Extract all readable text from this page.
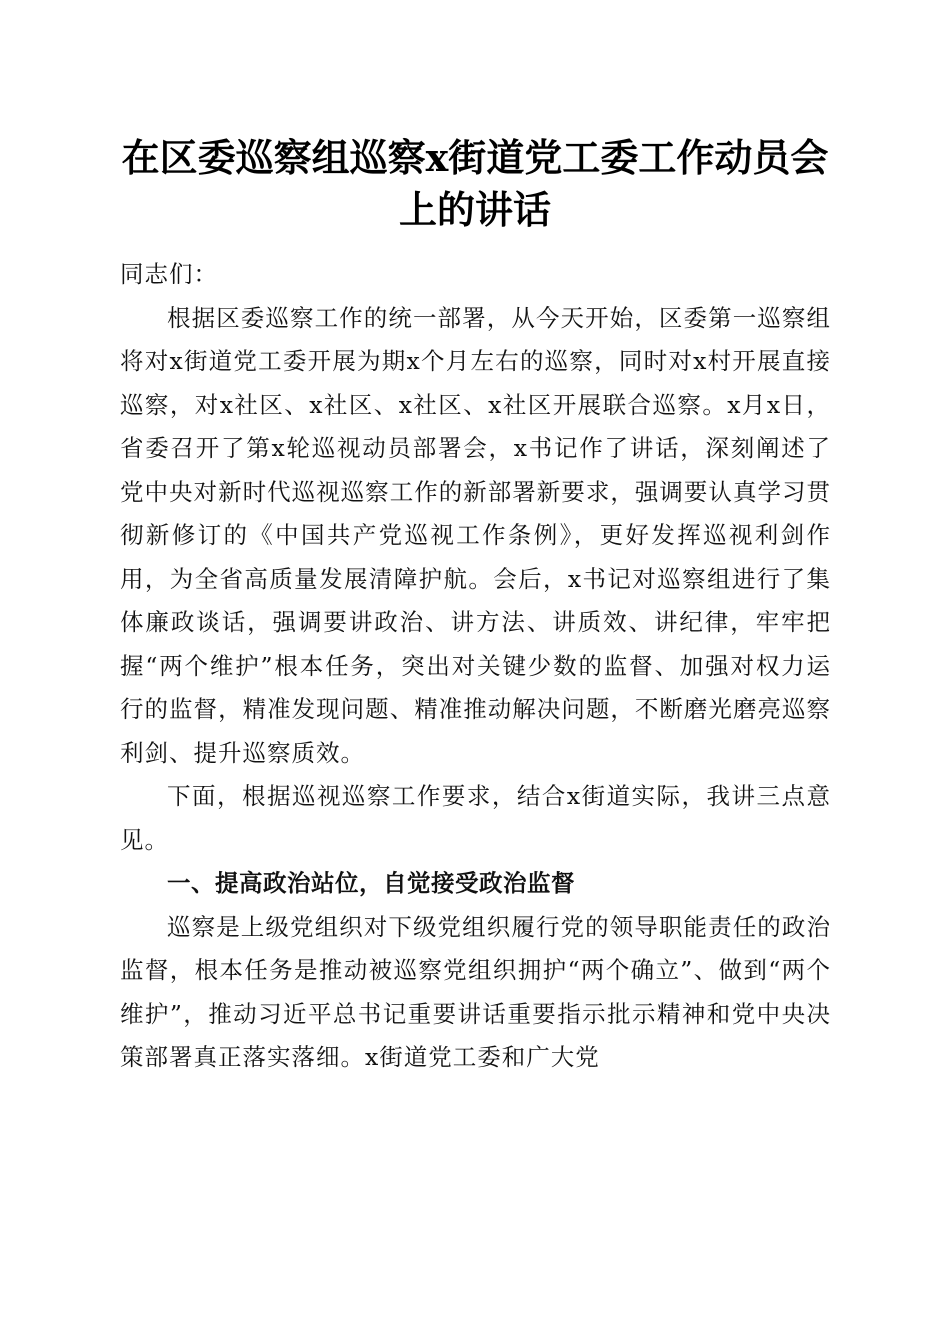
在区委巡察组巡察x街道党工委工作动员会上的讲话

同志们：

根据区委巡察工作的统一部署，从今天开始，区委第一巡察组将对x街道党工委开展为期x个月左右的巡察，同时对x村开展直接巡察，对x社区、x社区、x社区、x社区开展联合巡察。x月x日，省委召开了第x轮巡视动员部署会，x书记作了讲话，深刻阐述了党中央对新时代巡视巡察工作的新部署新要求，强调要认真学习贯彻新修订的《中国共产党巡视工作条例》，更好发挥巡视利剑作用，为全省高质量发展清障护航。会后，x书记对巡察组进行了集体廉政谈话，强调要讲政治、讲方法、讲质效、讲纪律，牢牢把握“两个维护”根本任务，突出对关键少数的监督、加强对权力运行的监督，精准发现问题、精准推动解决问题，不断磨光磨亮巡察利剑、提升巡察质效。

下面，根据巡视巡察工作要求，结合x街道实际，我讲三点意见。

一、提高政治站位，自觉接受政治监督

巡察是上级党组织对下级党组织履行党的领导职能责任的政治监督，根本任务是推动被巡察党组织拥护“两个确立”、做到“两个维护”，推动习近平总书记重要讲话重要指示批示精神和党中央决策部署真正落实落细。x街道党工委和广大党
